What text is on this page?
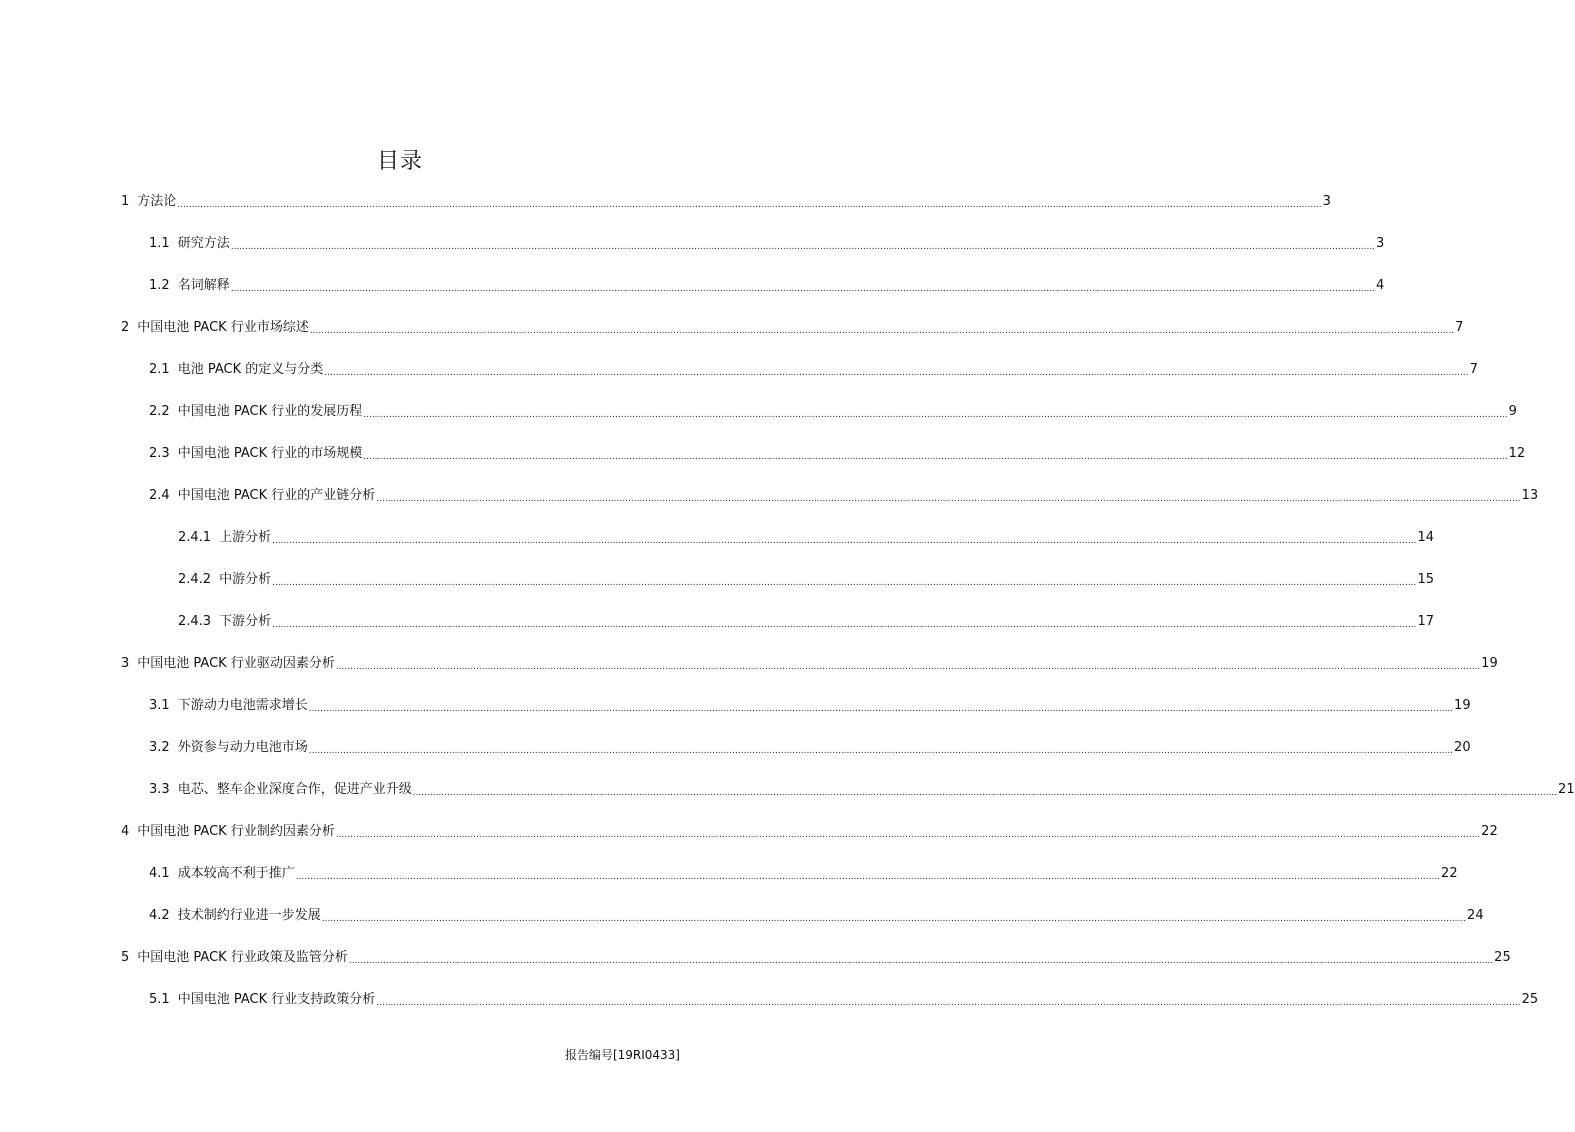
目录
1 方法论 ................................................................................................................................................................................................................................................................................................................................................................................................................ 3
1.1 研究方法 ................................................................................................................................................................................................................................................................................................................................................................................................................ 3
1.2 名词解释 ................................................................................................................................................................................................................................................................................................................................................................................................................ 4
2 中国电池 PACK 行业市场综述 ................................................................................................................................................................................................................................................................................................................................................................................................................ 7
2.1 电池 PACK 的定义与分类 ................................................................................................................................................................................................................................................................................................................................................................................................................ 7
2.2 中国电池 PACK 行业的发展历程 ................................................................................................................................................................................................................................................................................................................................................................................................................ 9
2.3 中国电池 PACK 行业的市场规模 ................................................................................................................................................................................................................................................................................................................................................................................................................ 12
2.4 中国电池 PACK 行业的产业链分析 ................................................................................................................................................................................................................................................................................................................................................................................................................ 13
2.4.1 上游分析 ................................................................................................................................................................................................................................................................................................................................................................................................................ 14
2.4.2 中游分析 ................................................................................................................................................................................................................................................................................................................................................................................................................ 15
2.4.3 下游分析 ................................................................................................................................................................................................................................................................................................................................................................................................................ 17
3 中国电池 PACK 行业驱动因素分析 ................................................................................................................................................................................................................................................................................................................................................................................................................ 19
3.1 下游动力电池需求增长 ................................................................................................................................................................................................................................................................................................................................................................................................................ 19
3.2 外资参与动力电池市场 ................................................................................................................................................................................................................................................................................................................................................................................................................ 20
3.3 电芯、整车企业深度合作，促进产业升级 ................................................................................................................................................................................................................................................................................................................................................................................................................ 21
4 中国电池 PACK 行业制约因素分析 ................................................................................................................................................................................................................................................................................................................................................................................................................ 22
4.1 成本较高不利于推广 ................................................................................................................................................................................................................................................................................................................................................................................................................ 22
4.2 技术制约行业进一步发展 ................................................................................................................................................................................................................................................................................................................................................................................................................ 24
5 中国电池 PACK 行业政策及监管分析 ................................................................................................................................................................................................................................................................................................................................................................................................................ 25
5.1 中国电池 PACK 行业支持政策分析 ................................................................................................................................................................................................................................................................................................................................................................................................................ 25
报告编号[19RI0433]
